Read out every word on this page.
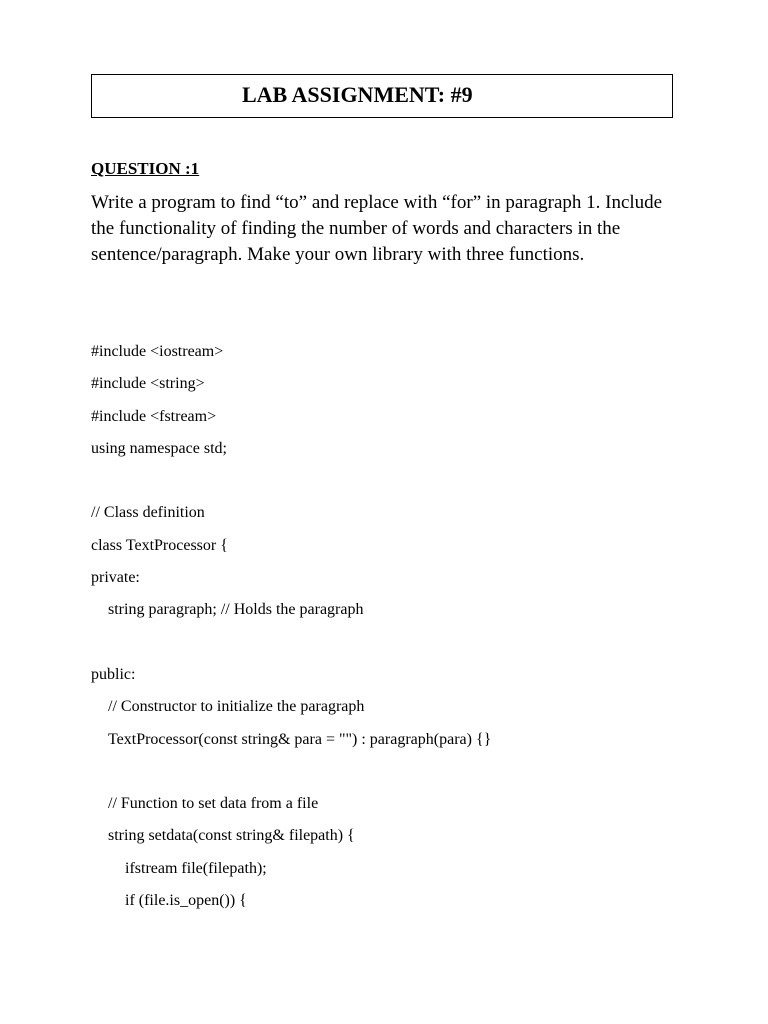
LAB ASSIGNMENT: #9
QUESTION :1
Write a program to find “to” and replace with “for” in paragraph 1. Include the functionality of finding the number of words and characters in the sentence/paragraph. Make your own library with three functions.
#include <iostream>
#include <string>
#include <fstream>
using namespace std;
// Class definition
class TextProcessor {
private:
string paragraph; // Holds the paragraph
public:
// Constructor to initialize the paragraph
TextProcessor(const string& para = "") : paragraph(para) {}
// Function to set data from a file
string setdata(const string& filepath) {
ifstream file(filepath);
if (file.is_open()) {
